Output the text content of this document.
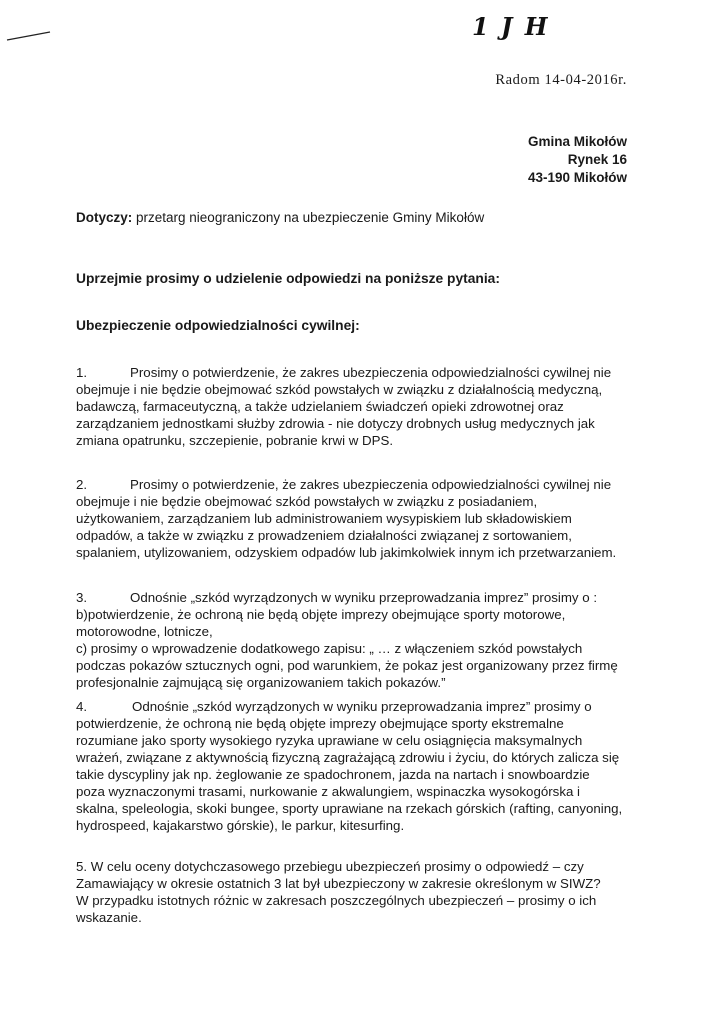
1 J H
Radom 14-04-2016r.
Gmina Mikołów
Rynek 16
43-190 Mikołów
Dotyczy: przetarg nieograniczony na ubezpieczenie Gminy Mikołów
Uprzejmie prosimy o udzielenie odpowiedzi na poniższe pytania:
Ubezpieczenie odpowiedzialności cywilnej:
1.	Prosimy o potwierdzenie, że zakres ubezpieczenia odpowiedzialności cywilnej nie
obejmuje i nie będzie obejmować szkód powstałych w związku z działalnością medyczną,
badawczą, farmaceutyczną, a także udzielaniem świadczeń opieki zdrowotnej oraz
zarządzaniem jednostkami służby zdrowia - nie dotyczy drobnych usług medycznych jak
zmiana opatrunku, szczepienie, pobranie krwi w DPS.
2.	Prosimy o potwierdzenie, że zakres ubezpieczenia odpowiedzialności cywilnej nie
obejmuje i nie będzie obejmować szkód powstałych w związku z posiadaniem,
użytkowaniem, zarządzaniem lub administrowaniem wysypiskiem lub składowiskiem
odpadów, a także w związku z prowadzeniem działalności związanej z sortowaniem,
spalaniem, utylizowaniem, odzyskiem odpadów lub jakimkolwiek innym ich przetwarzaniem.
3.	Odnośnie „szkód wyrządzonych w wyniku przeprowadzania imprez” prosimy o :
b)potwierdzenie, że ochroną nie będą objęte imprezy obejmujące sporty motorowe,
motorowodne, lotnicze,
c) prosimy o wprowadzenie dodatkowego zapisu: „ … z włączeniem szkód powstałych
podczas pokazów sztucznych ogni, pod warunkiem, że pokaz jest organizowany przez firmę
profesjonalnie zajmującą się organizowaniem takich pokazów.”
4.	Odnośnie „szkód wyrządzonych w wyniku przeprowadzania imprez” prosimy o
potwierdzenie, że ochroną nie będą objęte imprezy obejmujące sporty ekstremalne
rozumiane jako sporty wysokiego ryzyka uprawiane w celu osiągnięcia maksymalnych
wrażeń, związane z aktywnością fizyczną zagrażającą zdrowiu i życiu, do których zalicza się
takie dyscypliny jak np. żeglowanie ze spadochronem, jazda na nartach i snowboardzie
poza wyznaczonymi trasami, nurkowanie z akwalungiem, wspinaczka wysokogórska i
skalna, speleologia, skoki bungee, sporty uprawiane na rzekach górskich (rafting, canyoning,
hydrospeed, kajakarstwo górskie), le parkur, kitesurfing.
5. W celu oceny dotychczasowego przebiegu ubezpieczeń prosimy o odpowiedź – czy
Zamawiający w okresie ostatnich 3 lat był ubezpieczony w zakresie określonym w SIWZ?
W przypadku istotnych różnic w zakresach poszczególnych ubezpieczeń – prosimy o ich
wskazanie.
